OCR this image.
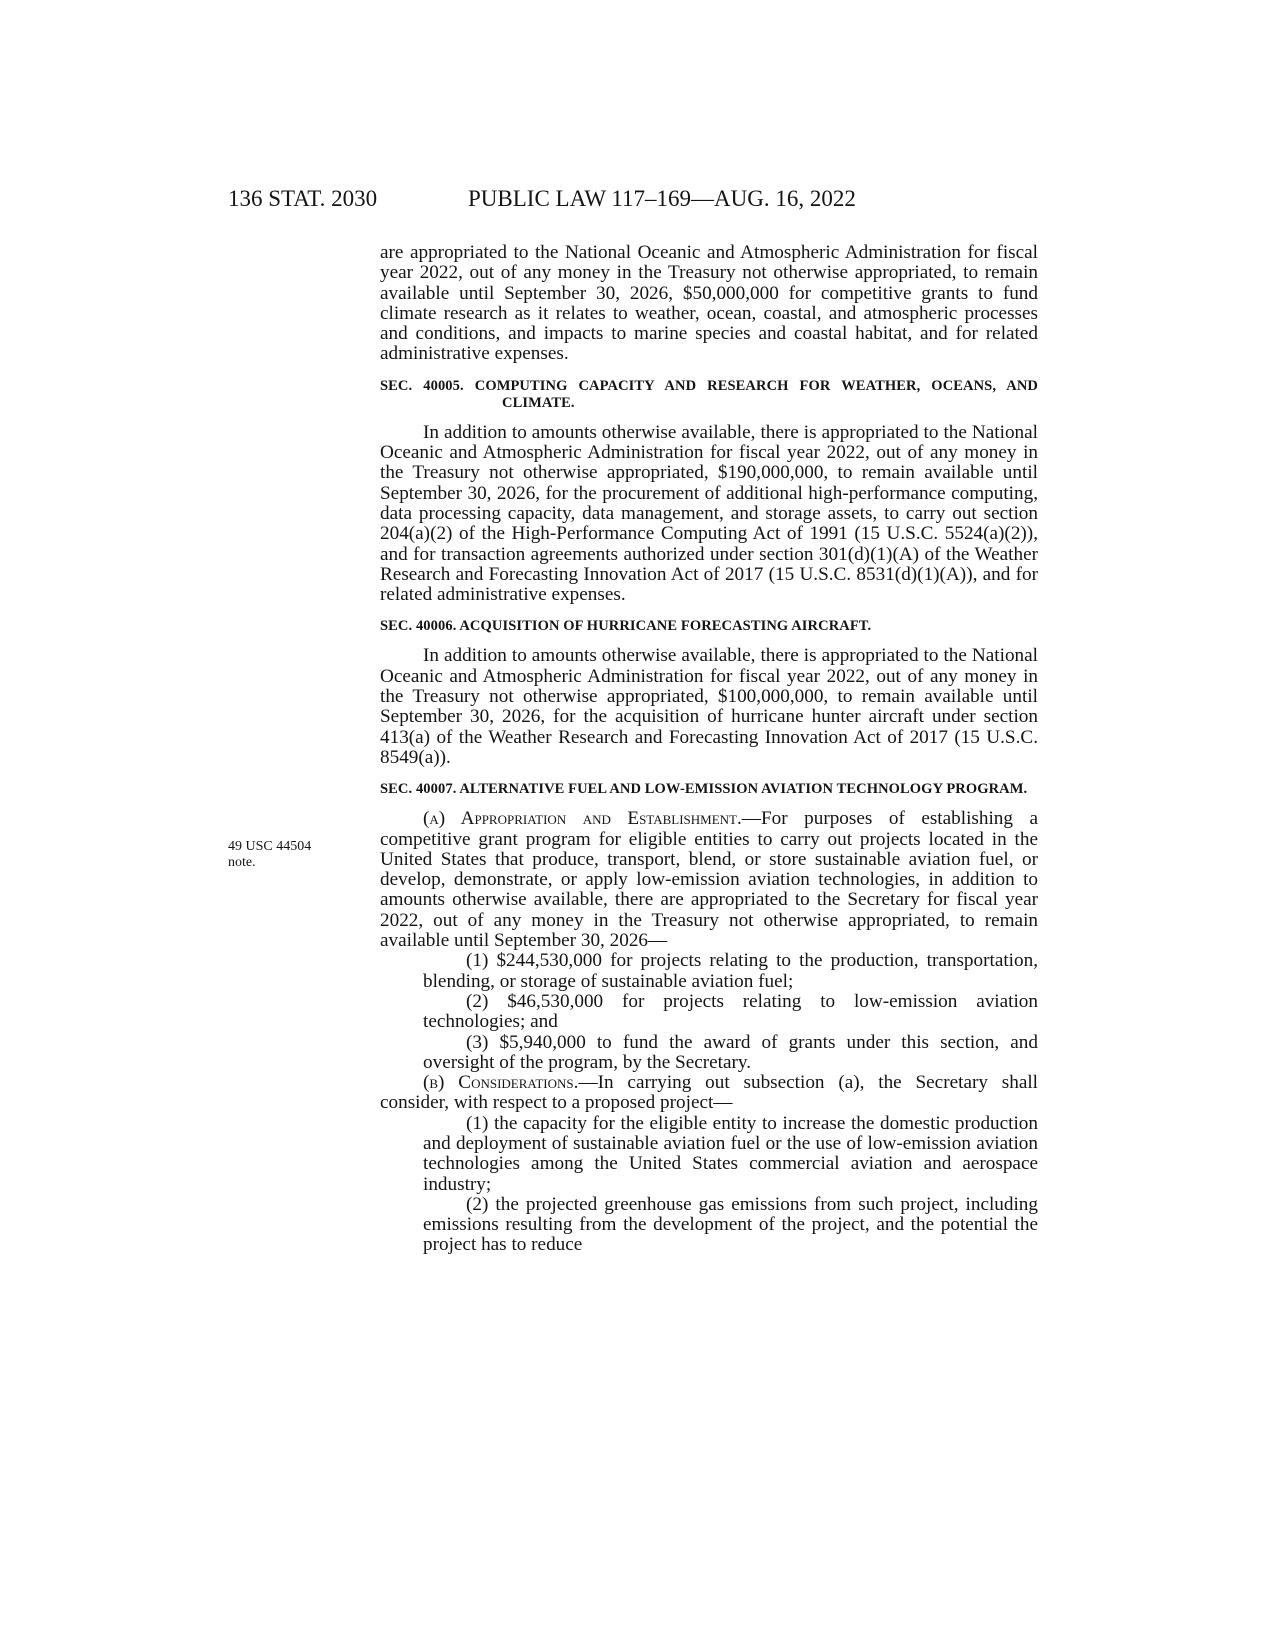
136 STAT. 2030	PUBLIC LAW 117–169—AUG. 16, 2022
49 USC 44504
note.

are appropriated to the National Oceanic and Atmospheric Administration for fiscal year 2022, out of any money in the Treasury not otherwise appropriated, to remain available until September 30, 2026, $50,000,000 for competitive grants to fund climate research as it relates to weather, ocean, coastal, and atmospheric processes and conditions, and impacts to marine species and coastal habitat, and for related administrative expenses.

SEC. 40005. COMPUTING CAPACITY AND RESEARCH FOR WEATHER, OCEANS, AND CLIMATE.

In addition to amounts otherwise available, there is appropriated to the National Oceanic and Atmospheric Administration for fiscal year 2022, out of any money in the Treasury not otherwise appropriated, $190,000,000, to remain available until September 30, 2026, for the procurement of additional high-performance computing, data processing capacity, data management, and storage assets, to carry out section 204(a)(2) of the High-Performance Computing Act of 1991 (15 U.S.C. 5524(a)(2)), and for transaction agreements authorized under section 301(d)(1)(A) of the Weather Research and Forecasting Innovation Act of 2017 (15 U.S.C. 8531(d)(1)(A)), and for related administrative expenses.

SEC. 40006. ACQUISITION OF HURRICANE FORECASTING AIRCRAFT.

In addition to amounts otherwise available, there is appropriated to the National Oceanic and Atmospheric Administration for fiscal year 2022, out of any money in the Treasury not otherwise appropriated, $100,000,000, to remain available until September 30, 2026, for the acquisition of hurricane hunter aircraft under section 413(a) of the Weather Research and Forecasting Innovation Act of 2017 (15 U.S.C. 8549(a)).

SEC. 40007. ALTERNATIVE FUEL AND LOW-EMISSION AVIATION TECHNOLOGY PROGRAM.

(a) Appropriation and Establishment.—For purposes of establishing a competitive grant program for eligible entities to carry out projects located in the United States that produce, transport, blend, or store sustainable aviation fuel, or develop, demonstrate, or apply low-emission aviation technologies, in addition to amounts otherwise available, there are appropriated to the Secretary for fiscal year 2022, out of any money in the Treasury not otherwise appropriated, to remain available until September 30, 2026—

(1) $244,530,000 for projects relating to the production, transportation, blending, or storage of sustainable aviation fuel;

(2) $46,530,000 for projects relating to low-emission aviation technologies; and

(3) $5,940,000 to fund the award of grants under this section, and oversight of the program, by the Secretary.

(b) Considerations.—In carrying out subsection (a), the Secretary shall consider, with respect to a proposed project—

(1) the capacity for the eligible entity to increase the domestic production and deployment of sustainable aviation fuel or the use of low-emission aviation technologies among the United States commercial aviation and aerospace industry;

(2) the projected greenhouse gas emissions from such project, including emissions resulting from the development of the project, and the potential the project has to reduce
